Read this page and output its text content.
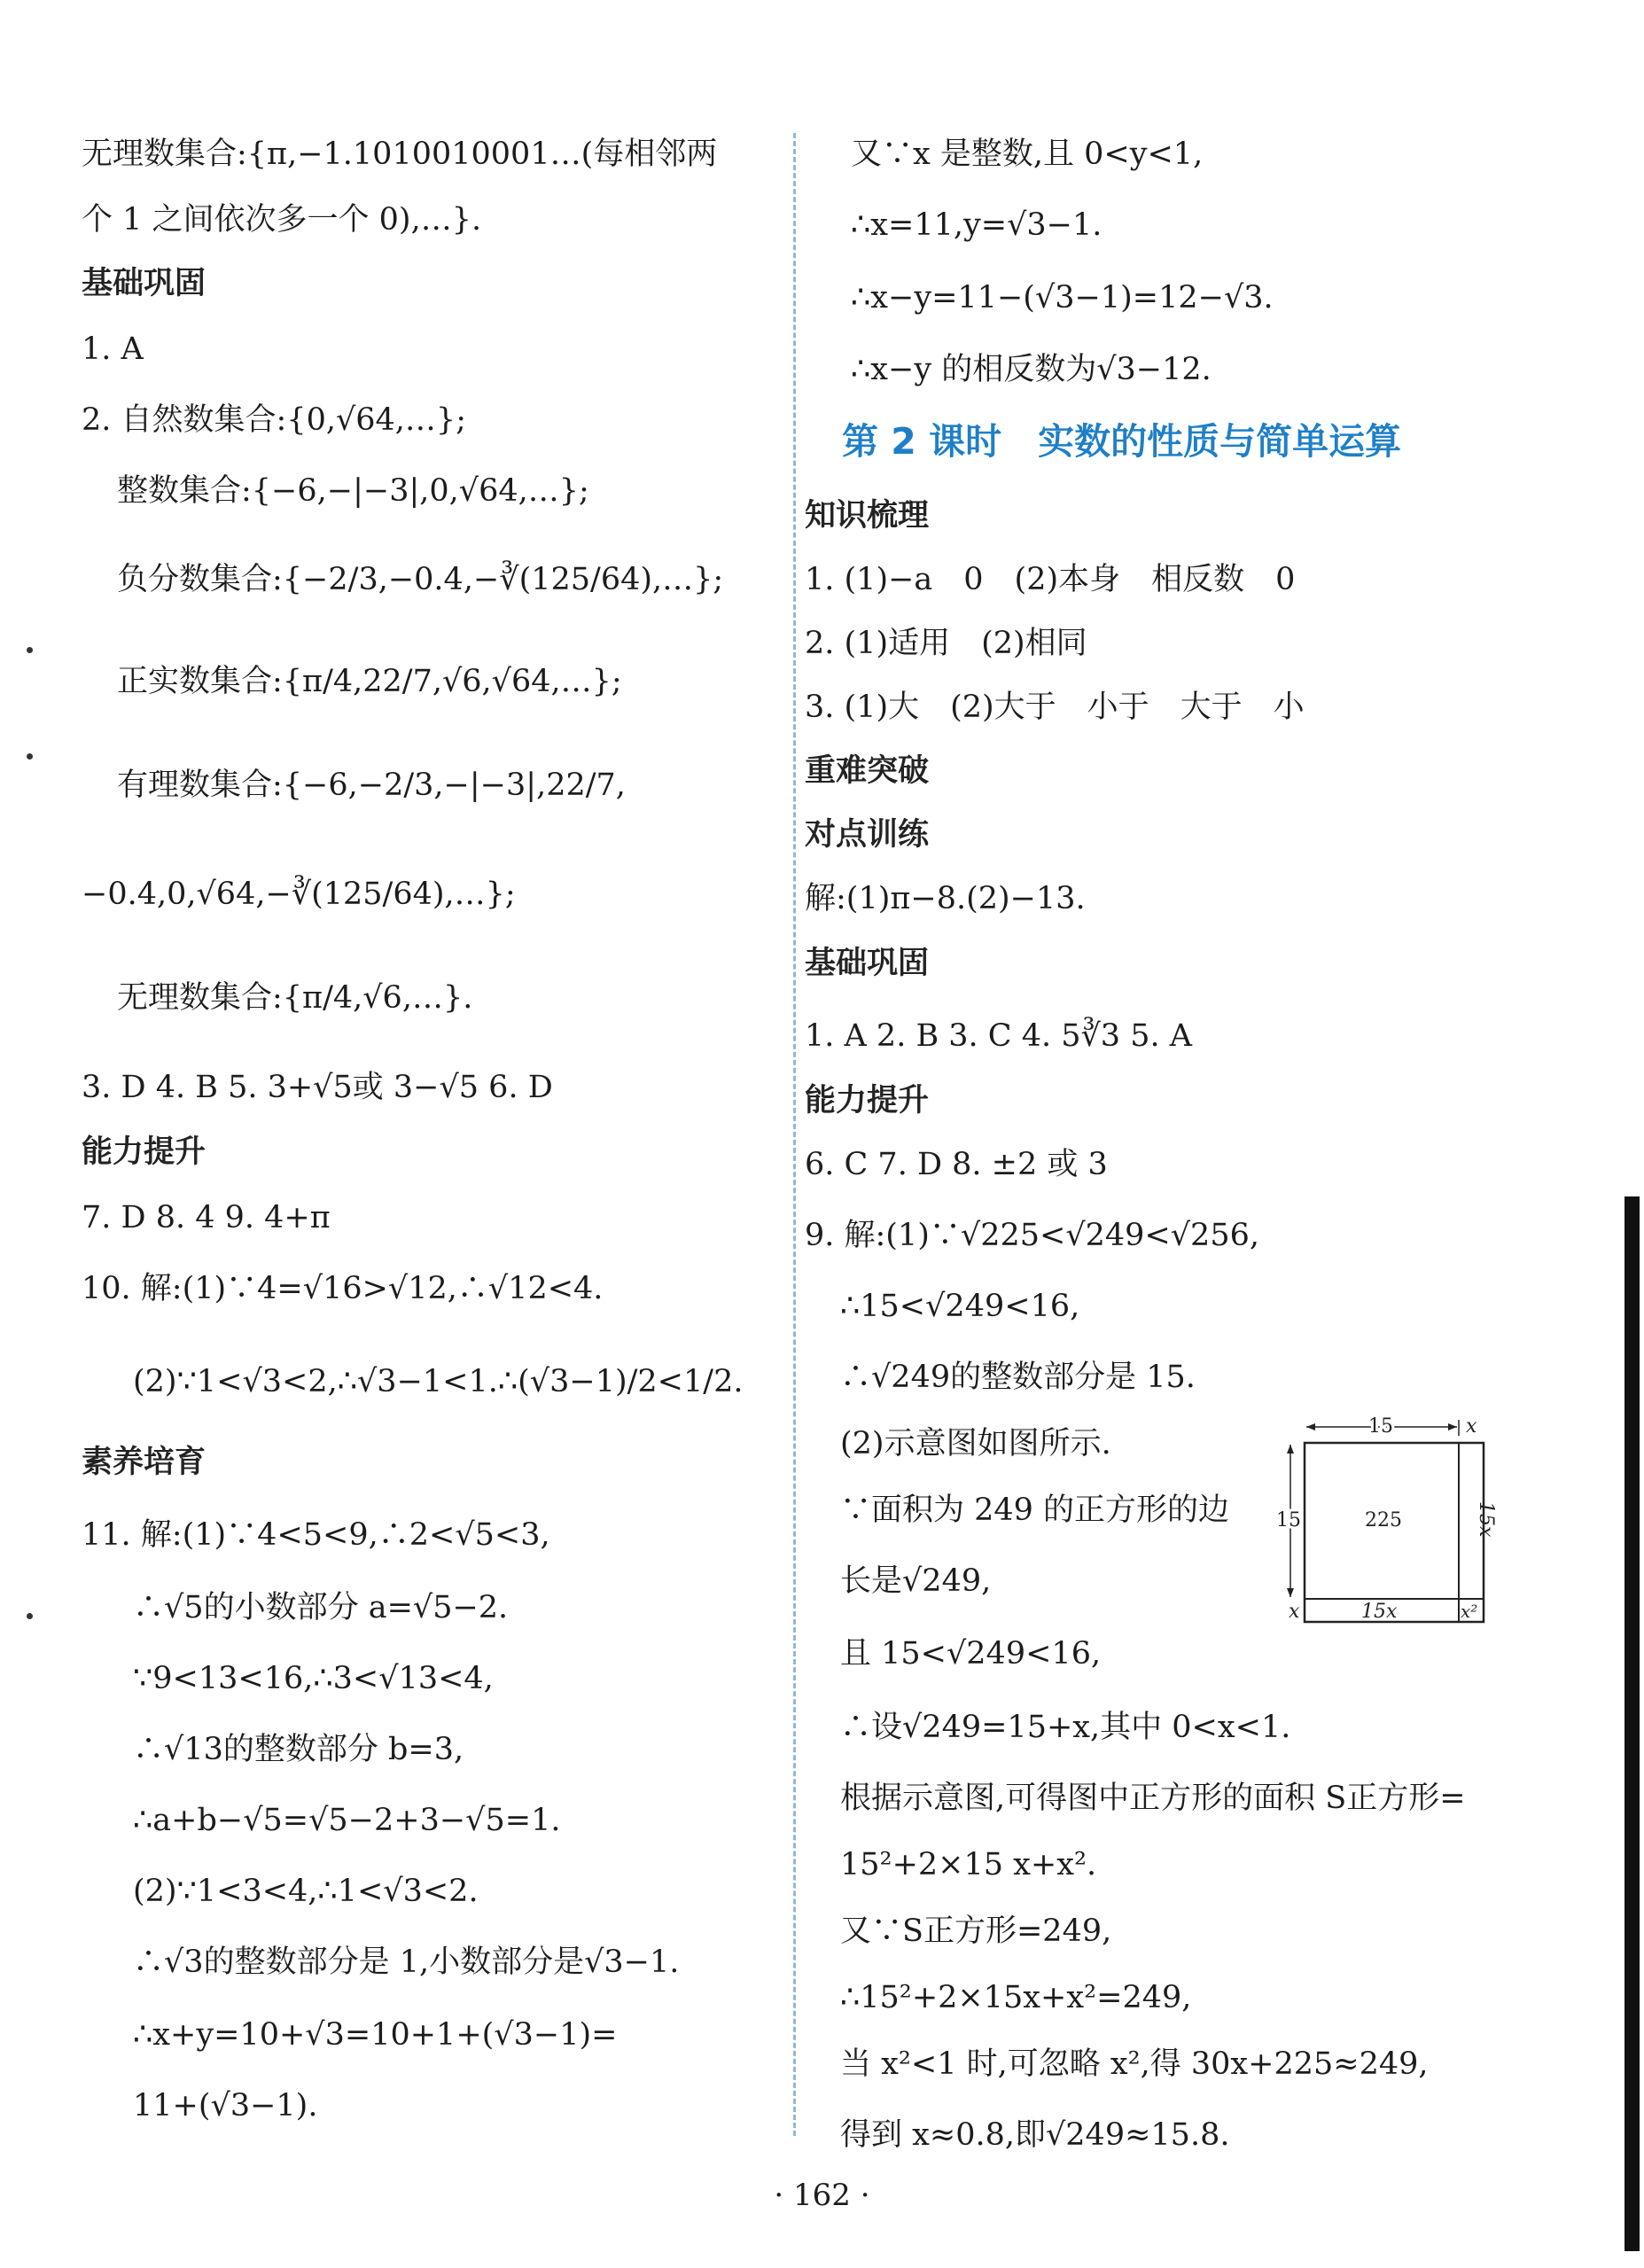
无理数集合:{π,−1.1010010001…(每相邻两
个 1 之间依次多一个 0),…}.
基础巩固
1. A
2. 自然数集合:{0,√64,…};
整数集合:{−6,−|−3|,0,√64,…};
负分数集合:{−2/3,−0.4,−∛(125/64),…};
正实数集合:{π/4,22/7,√6,√64,…};
有理数集合:{−6,−2/3,−|−3|,22/7,
−0.4,0,√64,−∛(125/64),…};
无理数集合:{π/4,√6,…}.
3. D 4. B 5. 3+√5或 3−√5 6. D
能力提升
7. D 8. 4 9. 4+π
10. 解:(1)∵4=√16>√12,∴√12<4.
(2)∵1<√3<2,∴√3−1<1.∴(√3−1)/2<1/2.
素养培育
11. 解:(1)∵4<5<9,∴2<√5<3,
∴√5的小数部分 a=√5−2.
∵9<13<16,∴3<√13<4,
∴√13的整数部分 b=3,
∴a+b−√5=√5−2+3−√5=1.
(2)∵1<3<4,∴1<√3<2.
∴√3的整数部分是 1,小数部分是√3−1.
∴x+y=10+√3=10+1+(√3−1)=
11+(√3−1).
又∵x 是整数,且 0<y<1,
∴x=11,y=√3−1.
∴x−y=11−(√3−1)=12−√3.
∴x−y 的相反数为√3−12.
第 2 课时　实数的性质与简单运算
知识梳理
1. (1)−a　0　(2)本身　相反数　0
2. (1)适用　(2)相同
3. (1)大　(2)大于　小于　大于　小
重难突破
对点训练
解:(1)π−8.(2)−13.
基础巩固
1. A 2. B 3. C 4. 5∛3 5. A
能力提升
6. C 7. D 8. ±2 或 3
9. 解:(1)∵√225<√249<√256,
∴15<√249<16,
∴√249的整数部分是 15.
(2)示意图如图所示.
∵面积为 249 的正方形的边
长是√249,
且 15<√249<16,
∴设√249=15+x,其中 0<x<1.
根据示意图,可得图中正方形的面积 S正方形=
15²+2×15 x+x².
又∵S正方形=249,
∴15²+2×15x+x²=249,
当 x²<1 时,可忽略 x²,得 30x+225≈249,
得到 x≈0.8,即√249≈15.8.
15	x
15	225	15x
x	15x	x²
· 162 ·
